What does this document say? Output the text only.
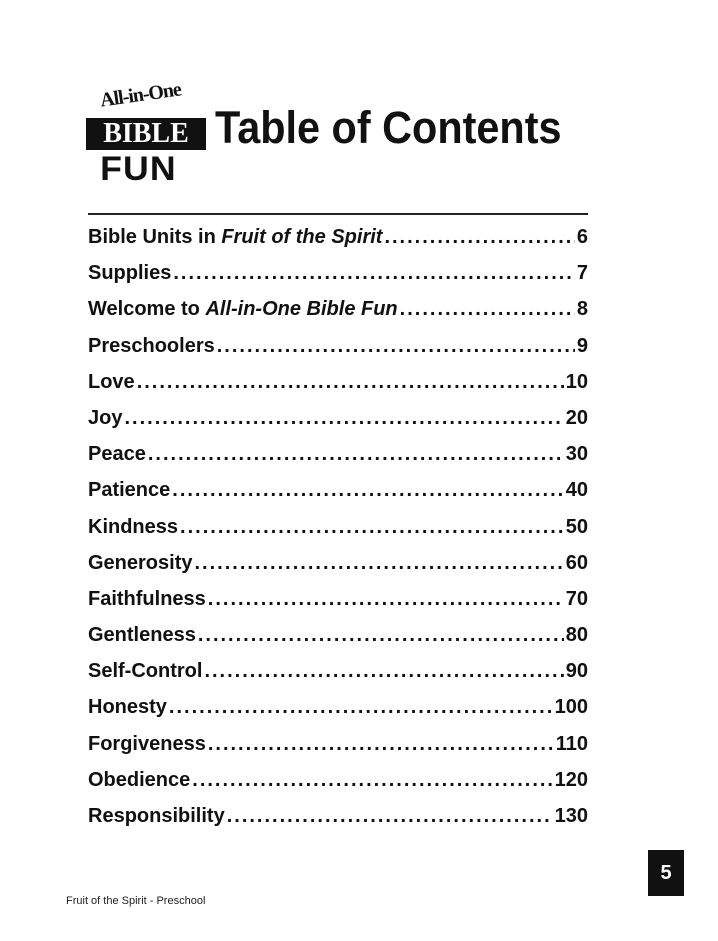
All-in-One
BIBLE
FUN
Table of Contents
Bible Units in Fruit of the Spirit .....	6
Supplies .....	7
Welcome to All-in-One Bible Fun .....	8
Preschoolers .....	9
Love .....	10
Joy .....	20
Peace .....	30
Patience .....	40
Kindness .....	50
Generosity .....	60
Faithfulness .....	70
Gentleness .....	80
Self-Control .....	90
Honesty .....	100
Forgiveness .....	110
Obedience .....	120
Responsibility .....	130
Fruit of the Spirit - Preschool
5
